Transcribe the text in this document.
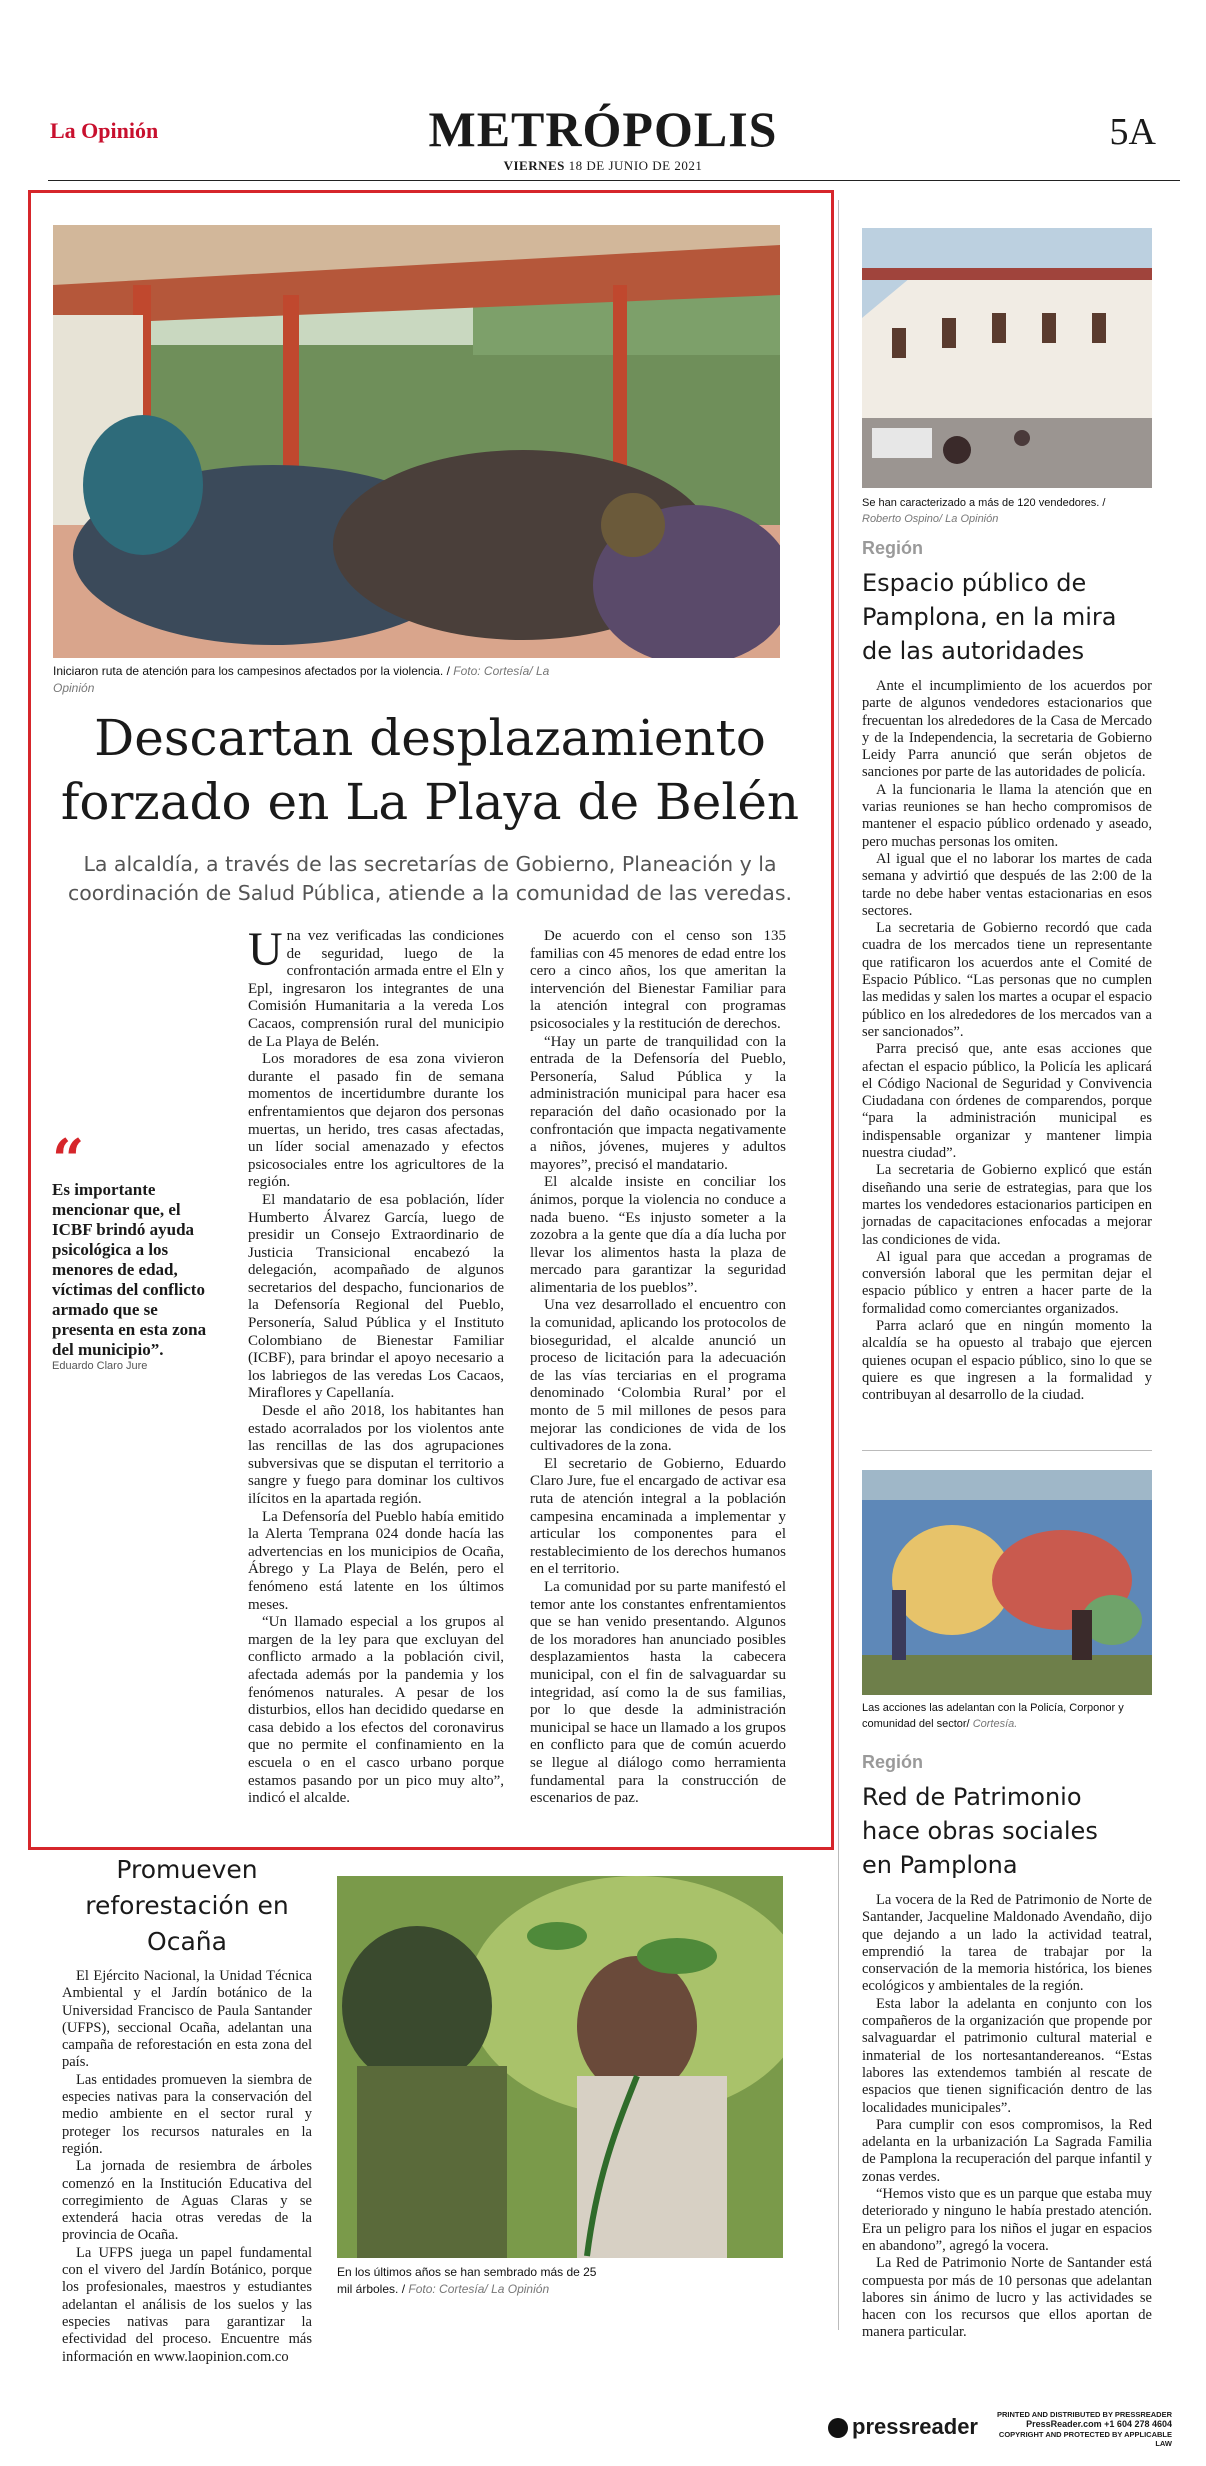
La Opinión	METRÓPOLIS
VIERNES 18 DE JUNIO DE 2021
5A
Iniciaron ruta de atención para los campesinos afectados por la violencia. / Foto: Cortesía/ La Opinión
Descartan desplazamiento forzado en La Playa de Belén
La alcaldía, a través de las secretarías de Gobierno, Planeación y la coordinación de Salud Pública, atiende a la comunidad de las veredas.
“
Es importante mencionar que, el ICBF brindó ayuda psicológica a los menores de edad, víctimas del conflicto armado que se presenta en esta zona del municipio”.
Eduardo Claro Jure

Una vez verificadas las condiciones de seguridad, luego de la confrontación armada entre el Eln y Epl, ingresaron los integrantes de una Comisión Humanitaria a la vereda Los Cacaos, comprensión rural del municipio de La Playa de Belén.

Los moradores de esa zona vivieron durante el pasado fin de semana momentos de incertidumbre durante los enfrentamientos que dejaron dos personas muertas, un herido, tres casas afectadas, un líder social amenazado y efectos psicosociales entre los agricultores de la región.

El mandatario de esa población, líder Humberto Álvarez García, luego de presidir un Consejo Extraordinario de Justicia Transicional encabezó la delegación, acompañado de algunos secretarios del despacho, funcionarios de la Defensoría Regional del Pueblo, Personería, Salud Pública y el Instituto Colombiano de Bienestar Familiar (ICBF), para brindar el apoyo necesario a los labriegos de las veredas Los Cacaos, Miraflores y Capellanía.

Desde el año 2018, los habitantes han estado acorralados por los violentos ante las rencillas de las dos agrupaciones subversivas que se disputan el territorio a sangre y fuego para dominar los cultivos ilícitos en la apartada región.

La Defensoría del Pueblo había emitido la Alerta Temprana 024 donde hacía las advertencias en los municipios de Ocaña, Ábrego y La Playa de Belén, pero el fenómeno está latente en los últimos meses.

“Un llamado especial a los grupos al margen de la ley para que excluyan del conflicto armado a la población civil, afectada además por la pandemia y los fenómenos naturales. A pesar de los disturbios, ellos han decidido quedarse en casa debido a los efectos del coronavirus que no permite el confinamiento en la escuela o en el casco urbano porque estamos pasando por un pico muy alto”, indicó el alcalde.

De acuerdo con el censo son 135 familias con 45 menores de edad entre los cero a cinco años, los que ameritan la intervención del Bienestar Familiar para la atención integral con programas psicosociales y la restitución de derechos.

“Hay un parte de tranquilidad con la entrada de la Defensoría del Pueblo, Personería, Salud Pública y la administración municipal para hacer esa reparación del daño ocasionado por la confrontación que impacta negativamente a niños, jóvenes, mujeres y adultos mayores”, precisó el mandatario.

El alcalde insiste en conciliar los ánimos, porque la violencia no conduce a nada bueno. “Es injusto someter a la zozobra a la gente que día a día lucha por llevar los alimentos hasta la plaza de mercado para garantizar la seguridad alimentaria de los pueblos”.

Una vez desarrollado el encuentro con la comunidad, aplicando los protocolos de bioseguridad, el alcalde anunció un proceso de licitación para la adecuación de las vías terciarias en el programa denominado ‘Colombia Rural’ por el monto de 5 mil millones de pesos para mejorar las condiciones de vida de los cultivadores de la zona.

El secretario de Gobierno, Eduardo Claro Jure, fue el encargado de activar esa ruta de atención integral a la población campesina encaminada a implementar y articular los componentes para el restablecimiento de los derechos humanos en el territorio.

La comunidad por su parte manifestó el temor ante los constantes enfrentamientos que se han venido presentando. Algunos de los moradores han anunciado posibles desplazamientos hasta la cabecera municipal, con el fin de salvaguardar su integridad, así como la de sus familias, por lo que desde la administración municipal se hace un llamado a los grupos en conflicto para que de común acuerdo se llegue al diálogo como herramienta fundamental para la construcción de escenarios de paz.

Se han caracterizado a más de 120 vendedores. / Roberto Ospino/ La Opinión
Región
Espacio público de Pamplona, en la mira de las autoridades

Ante el incumplimiento de los acuerdos por parte de algunos vendedores estacionarios que frecuentan los alrededores de la Casa de Mercado y de la Independencia, la secretaria de Gobierno Leidy Parra anunció que serán objetos de sanciones por parte de las autoridades de policía.

A la funcionaria le llama la atención que en varias reuniones se han hecho compromisos de mantener el espacio público ordenado y aseado, pero muchas personas los omiten.

Al igual que el no laborar los martes de cada semana y advirtió que después de las 2:00 de la tarde no debe haber ventas estacionarias en esos sectores.

La secretaria de Gobierno recordó que cada cuadra de los mercados tiene un representante que ratificaron los acuerdos ante el Comité de Espacio Público. “Las personas que no cumplen las medidas y salen los martes a ocupar el espacio público en los alrededores de los mercados van a ser sancionados”.

Parra precisó que, ante esas acciones que afectan el espacio público, la Policía les aplicará el Código Nacional de Seguridad y Convivencia Ciudadana con órdenes de comparendos, porque “para la administración municipal es indispensable organizar y mantener limpia nuestra ciudad”.

La secretaria de Gobierno explicó que están diseñando una serie de estrategias, para que los martes los vendedores estacionarios participen en jornadas de capacitaciones enfocadas a mejorar las condiciones de vida.

Al igual para que accedan a programas de conversión laboral que les permitan dejar el espacio público y entren a hacer parte de la formalidad como comerciantes organizados.

Parra aclaró que en ningún momento la alcaldía se ha opuesto al trabajo que ejercen quienes ocupan el espacio público, sino lo que se quiere es que ingresen a la formalidad y contribuyan al desarrollo de la ciudad.

Las acciones las adelantan con la Policía, Corponor y comunidad del sector/ Cortesía.
Región
Red de Patrimonio hace obras sociales en Pamplona

La vocera de la Red de Patrimonio de Norte de Santander, Jacqueline Maldonado Avendaño, dijo que dejando a un lado la actividad teatral, emprendió la tarea de trabajar por la conservación de la memoria histórica, los bienes ecológicos y ambientales de la región.

Esta labor la adelanta en conjunto con los compañeros de la organización que propende por salvaguardar el patrimonio cultural material e inmaterial de los nortesantandereanos. “Estas labores las extendemos también al rescate de espacios que tienen significación dentro de las localidades municipales”.

Para cumplir con esos compromisos, la Red adelanta en la urbanización La Sagrada Familia de Pamplona la recuperación del parque infantil y zonas verdes.

“Hemos visto que es un parque que estaba muy deteriorado y ninguno le había prestado atención. Era un peligro para los niños el jugar en espacios en abandono”, agregó la vocera.

La Red de Patrimonio Norte de Santander está compuesta por más de 10 personas que adelantan labores sin ánimo de lucro y las actividades se hacen con los recursos que ellos aportan de manera particular.

Promueven reforestación en Ocaña

El Ejército Nacional, la Unidad Técnica Ambiental y el Jardín botánico de la Universidad Francisco de Paula Santander (UFPS), seccional Ocaña, adelantan una campaña de reforestación en esta zona del país.

Las entidades promueven la siembra de especies nativas para la conservación del medio ambiente en el sector rural y proteger los recursos naturales en la región.

La jornada de resiembra de árboles comenzó en la Institución Educativa del corregimiento de Aguas Claras y se extenderá hacia otras veredas de la provincia de Ocaña.

La UFPS juega un papel fundamental con el vivero del Jardín Botánico, porque los profesionales, maestros y estudiantes adelantan el análisis de los suelos y las especies nativas para garantizar la efectividad del proceso. Encuentre más información en www.laopinion.com.co

En los últimos años se han sembrado más de 25 mil árboles. / Foto: Cortesía/ La Opinión
pressreader	PRINTED AND DISTRIBUTED BY PRESSREADER
PressReader.com +1 604 278 4604
COPYRIGHT AND PROTECTED BY APPLICABLE LAW
